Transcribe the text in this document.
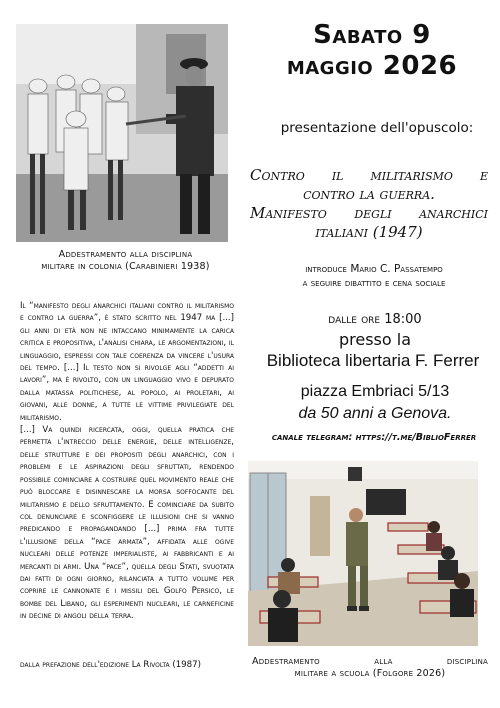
Addestramento alla disciplina
militare in colonia (Carabinieri 1938)
Sabato 9
maggio 2026
presentazione dell'opuscolo:
Contro il militarismo e
contro la guerra.
Manifesto degli anarchici
italiani (1947)
introduce Mario C. Passatempo
a seguire dibattito e cena sociale
dalle ore 18:00
presso la
Biblioteca libertaria F. Ferrer
piazza Embriaci 5/13
da 50 anni a Genova.
canale telegram: https://t.me/BiblioFerrer

Il “manifesto degli anarchici italiani contro il militarismo e contro la guerra”, è stato scritto nel 1947 ma [...] gli anni di età non ne intaccano minimamente la carica critica e propositiva, l'analisi chiara, le argomentazioni, il linguaggio, espressi con tale coerenza da vincere l'usura del tempo. [...] Il testo non si rivolge agli “addetti ai lavori”, ma è rivolto, con un linguaggio vivo e depurato dalla matassa politichese, al popolo, ai proletari, ai giovani, alle donne, a tutte le vittime privilegiate del militarismo.

[...] Va quindi ricercata, oggi, quella pratica che permetta l'intreccio delle energie, delle intelligenze, delle strutture e dei propositi degli anarchici, con i problemi e le aspirazioni degli sfruttati, rendendo possibile cominciare a costruire quel movimento reale che può bloccare e disinnescare la morsa soffocante del militarismo e dello sfruttamento. E cominciare da subito col denunciare e sconfiggere le illusioni che si vanno predicando e propagandando [...] prima fra tutte l'illusione della “pace armata”, affidata alle ogive nucleari delle potenze imperialiste, ai fabbricanti e ai mercanti di armi. Una “pace”, quella degli Stati, svuotata dai fatti di ogni giorno, rilanciata a tutto volume per coprire le cannonate e i missili del Golfo Persico, le bombe del Libano, gli esperimenti nucleari, le carneficine in decine di angoli della terra.

dalla prefazione dell'edizione La Rivolta (1987)	Addestramento alla disciplina
militare a scuola (Folgore 2026)
